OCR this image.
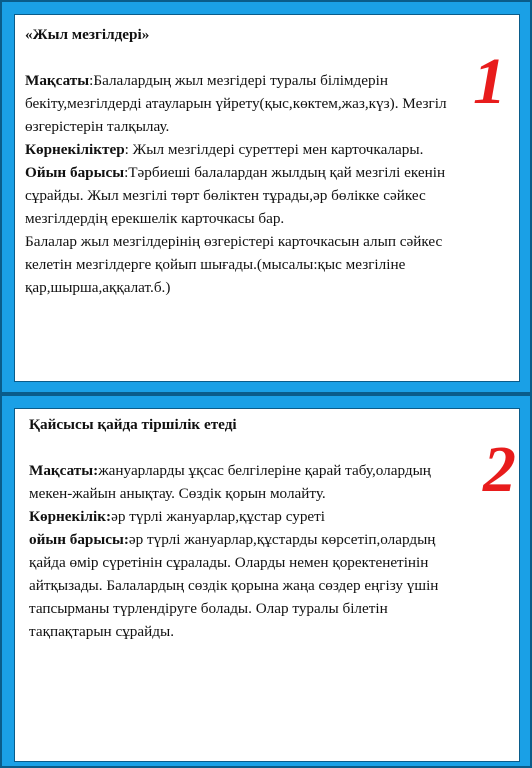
«Жыл мезгілдері»

Мақсаты:Балалардың жыл мезгідері туралы білімдерін бекіту,мезгілдерді атауларын үйрету(қыс,көктем,жаз,күз). Мезгіл өзгерістерін талқылау.

Көрнекіліктер: Жыл мезгілдері суреттері мен карточкалары.

Ойын барысы:Тәрбиеші балалардан жылдың қай мезгілі екенін сұрайды. Жыл мезгілі төрт бөліктен тұрады,әр бөлікке сәйкес мезгілдердің ерекшелік карточкасы бар.

Балалар жыл мезгілдерінің өзгерістері карточкасын алып сәйкес келетін мезгілдерге қойып шығады.(мысалы:қыс мезгіліне қар,шырша,аққалат.б.)

1

Қайсысы қайда тіршілік етеді

Мақсаты:жануарларды ұқсас белгілеріне қарай табу,олардың мекен-жайын анықтау. Сөздік қорын молайту.

Көрнекілік:әр түрлі жануарлар,құстар суреті

ойын барысы:әр түрлі жануарлар,құстарды көрсетіп,олардың қайда өмір сүретінін сұралады. Оларды немен қоректенетінін айтқызады. Балалардың сөздік қорына жаңа сөздер еңгізу үшін тапсырманы түрлендіруге болады. Олар туралы білетін тақпақтарын сұрайды.

2
